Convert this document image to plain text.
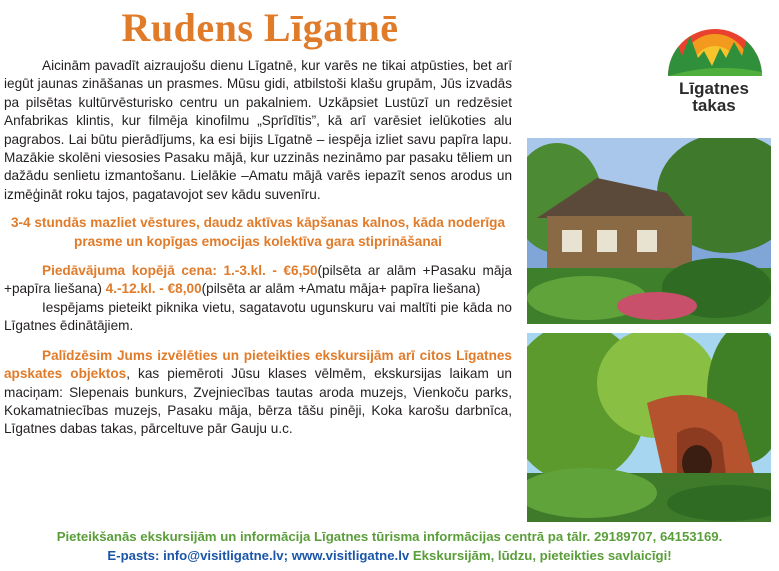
Rudens Līgatnē

Aicinām pavadīt aizraujošu dienu Līgatnē, kur varēs ne tikai atpūsties, bet arī iegūt jaunas zināšanas un prasmes. Mūsu gidi, atbilstoši klašu grupām, Jūs izvadās pa pilsētas kultūrvēsturisko centru un pakalniem. Uzkāpsiet Lustūzī un redzēsiet Anfabrikas klintis, kur filmēja kinofilmu „Sprīdītis”, kā arī varēsiet ielūkoties alu pagrabos. Lai būtu pierādījums, ka esi bijis Līgatnē – iespēja izliet savu papīra lapu. Mazākie skolēni viesosies Pasaku mājā, kur uzzinās nezināmo par pasaku tēliem un dažādu senlietu izmantošanu. Lielākie –Amatu mājā varēs iepazīt senos arodus un izmēģināt roku tajos, pagatavojot sev kādu suvenīru.

3-4 stundās mazliet vēstures, daudz aktīvas kāpšanas kalnos, kāda noderīga prasme un kopīgas emocijas kolektīva gara stiprināšanai

Piedāvājuma kopējā cena: 1.-3.kl. - €6,50(pilsēta ar alām +Pasaku māja +papīra liešana) 4.-12.kl. - €8,00(pilsēta ar alām +Amatu māja+ papīra liešana)

Iespējams pieteikt piknika vietu, sagatavotu ugunskuru vai maltīti pie kāda no Līgatnes ēdinātājiem.

Palīdzēsim Jums izvēlēties un pieteikties ekskursijām arī citos Līgatnes apskates objektos, kas piemēroti Jūsu klases vēlmēm, ekskursijas laikam un maciņam: Slepenais bunkurs, Zvejniecības tautas aroda muzejs, Vienkoču parks, Kokamatniecības muzejs, Pasaku māja, bērza tāšu pinēji, Koka karošu darbnīca, Līgatnes dabas takas, pārceltuve pār Gauju u.c.

Līgatnes
takas
Pieteikšanās ekskursijām un informācija Līgatnes tūrisma informācijas centrā pa tālr. 29189707, 64153169.
E-pasts: info@visitligatne.lv; www.visitligatne.lv Ekskursijām, lūdzu, pieteikties savlaicīgi!
